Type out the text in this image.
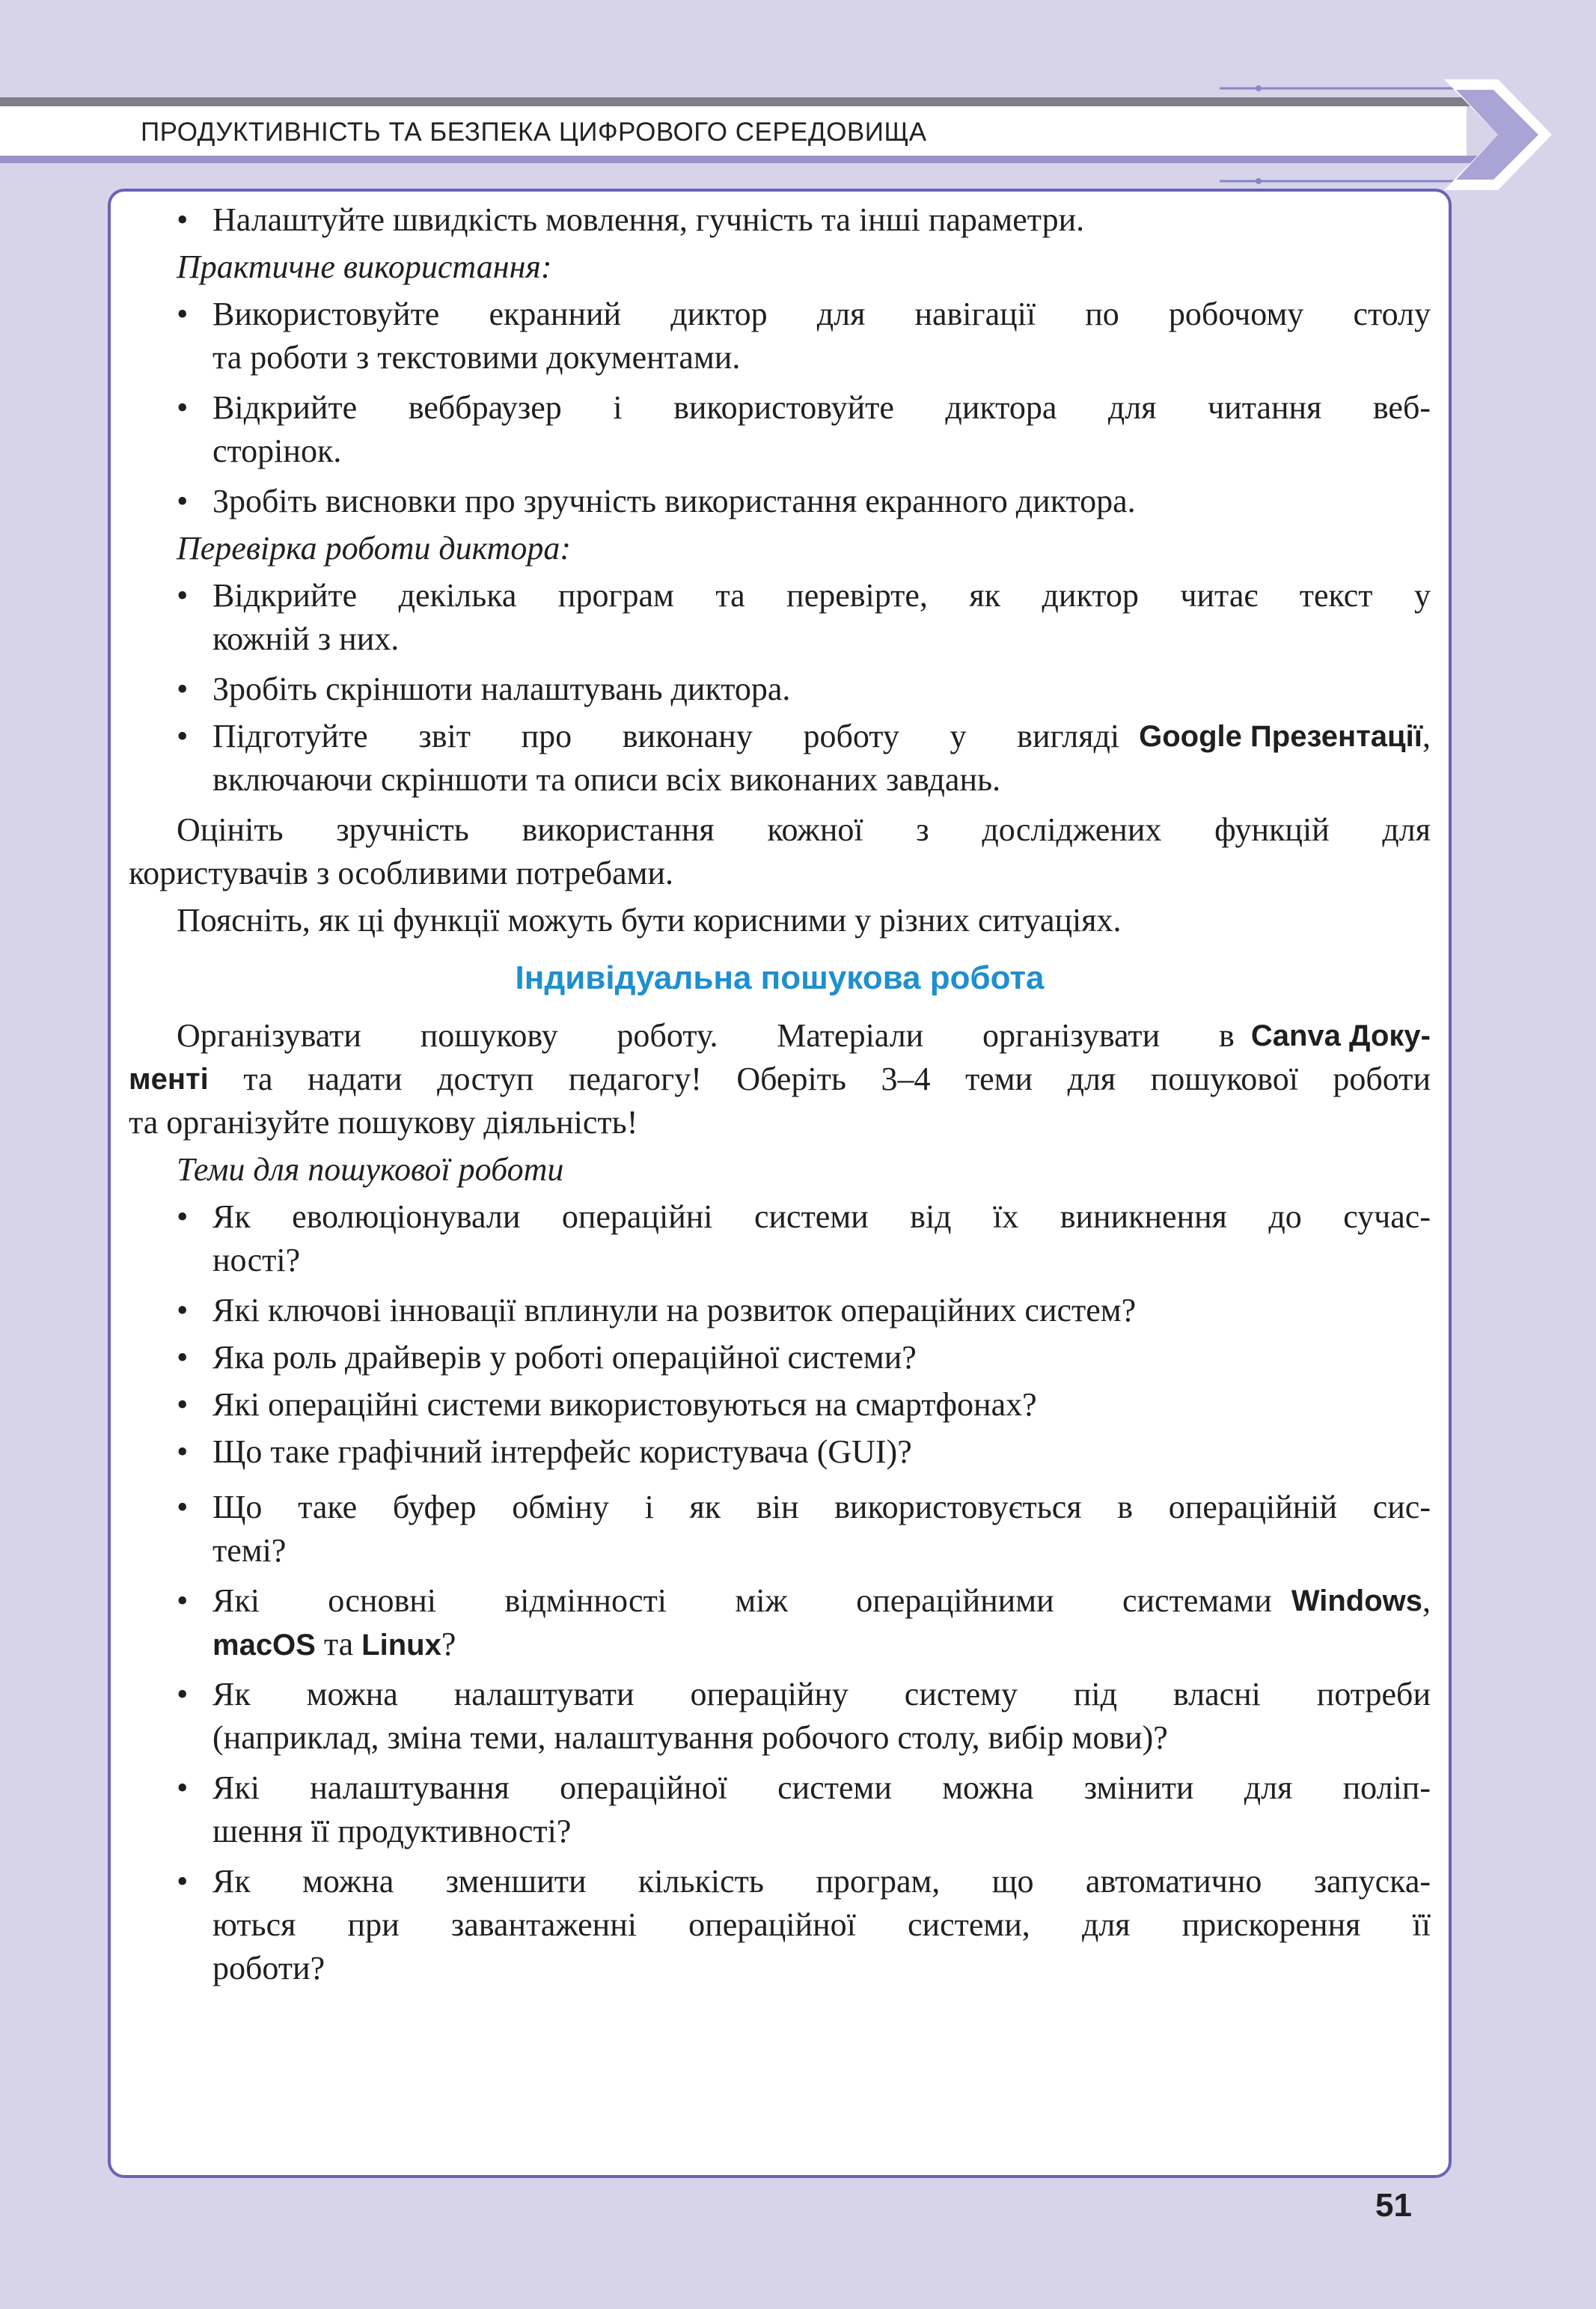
ПРОДУКТИВНІСТЬ ТА БЕЗПЕКА ЦИФРОВОГО СЕРЕДОВИЩА
• Налаштуйте швидкість мовлення, гучність та інші параметри.
Практичне використання:
• Використовуйте екранний диктор для навігації по робочому столу
та роботи з текстовими документами.
• Відкрийте веббраузер і використовуйте диктора для читання веб-
сторінок.
• Зробіть висновки про зручність використання екранного диктора.
Перевірка роботи диктора:
• Відкрийте декілька програм та перевірте, як диктор читає текст у
кожній з них.
• Зробіть скріншоти налаштувань диктора.
• Підготуйте звіт про виконану роботу у вигляді Google Презентації ,
включаючи скріншоти та описи всіх виконаних завдань.
Оцініть зручність використання кожної з досліджених функцій для
користувачів з особливими потребами.
Поясніть, як ці функції можуть бути корисними у різних ситуаціях.
Індивідуальна пошукова робота
Організувати пошукову роботу. Матеріали організувати в Canva Доку-
менті та надати доступ педагогу! Оберіть 3–4 теми для пошукової роботи
та організуйте пошукову діяльність!
Теми для пошукової роботи
• Як еволюціонували операційні системи від їх виникнення до сучас-
ності?
• Які ключові інновації вплинули на розвиток операційних систем?
• Яка роль драйверів у роботі операційної системи?
• Які операційні системи використовуються на смартфонах?
• Що таке графічний інтерфейс користувача (GUI)?
• Що таке буфер обміну і як він використовується в операційній сис-
темі?
• Які основні відмінності між операційними системами Windows ,
macOS та Linux?
• Як можна налаштувати операційну систему під власні потреби
(наприклад, зміна теми, налаштування робочого столу, вибір мови)?
• Які налаштування операційної системи можна змінити для поліп-
шення її продуктивності?
• Як можна зменшити кількість програм, що автоматично запуска-
ються при завантаженні операційної системи, для прискорення її
роботи?
51
